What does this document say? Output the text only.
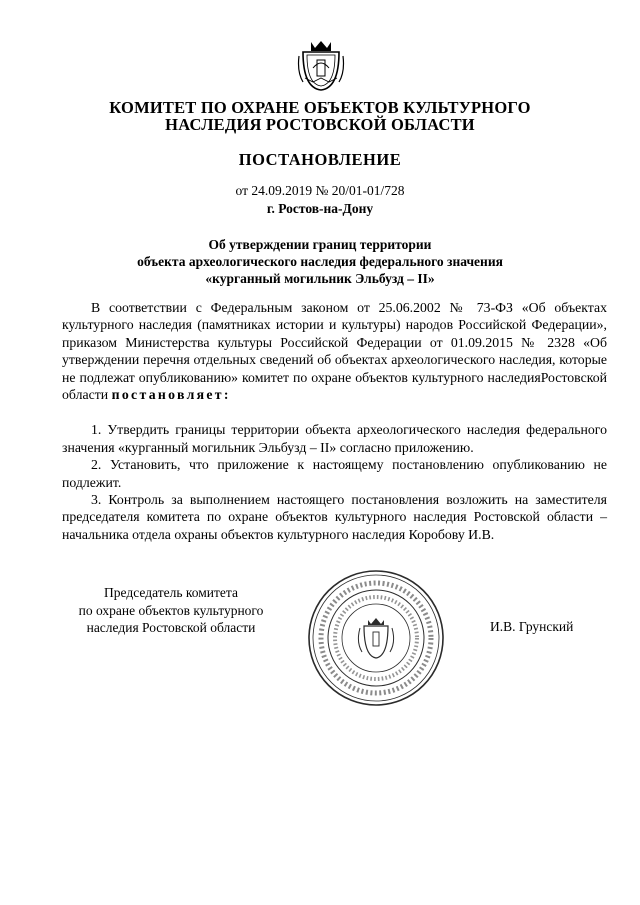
КОМИТЕТ ПО ОХРАНЕ ОБЪЕКТОВ КУЛЬТУРНОГО
НАСЛЕДИЯ РОСТОВСКОЙ ОБЛАСТИ
ПОСТАНОВЛЕНИЕ
от 24.09.2019 № 20/01-01/728
г. Ростов-на-Дону
Об утверждении границ территории
объекта археологического наследия федерального значения
«курганный могильник Эльбузд – II»

В соответствии с Федеральным законом от 25.06.2002 № 73-ФЗ «Об объектах культурного наследия (памятниках истории и культуры) народов Российской Федерации», приказом Министерства культуры Российской Федерации от 01.09.2015 № 2328 «Об утверждении перечня отдельных сведений об объектах археологического наследия, которые не подлежат опубликованию» комитет по охране объектов культурного наследияРостовской области постановляет:

1. Утвердить границы территории объекта археологического наследия федерального значения «курганный могильник Эльбузд – II» согласно приложению.

2. Установить, что приложение к настоящему постановлению опубликованию не подлежит.

3. Контроль за выполнением настоящего постановления возложить на заместителя председателя комитета по охране объектов культурного наследия Ростовской области – начальника отдела охраны объектов культурного наследия Коробову И.В.

Председатель комитета
по охране объектов культурного
наследия Ростовской области	И.В. Грунский
